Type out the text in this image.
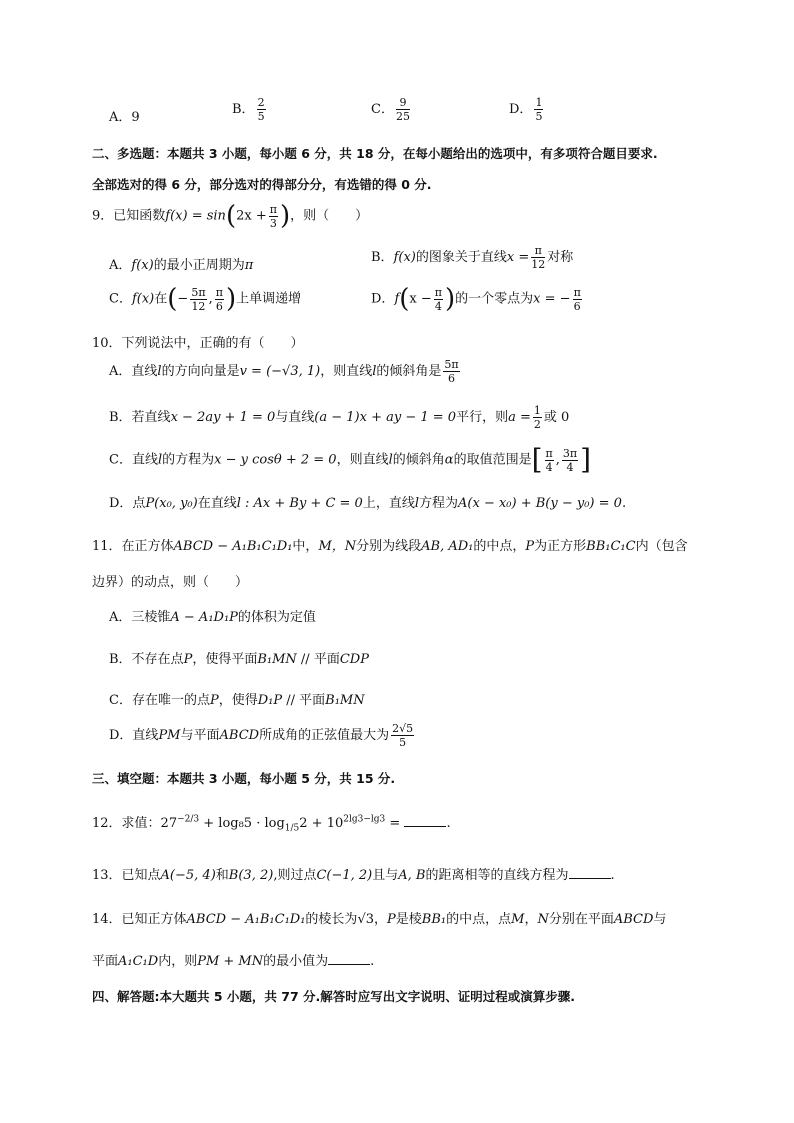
A．9
B． $\frac{2}{5}$	C． $\frac{9}{25}$	D． $\frac{1}{5}$
二、多选题：本题共 3 小题，每小题 6 分，共 18 分，在每小题给出的选项中，有多项符合题目要求.
全部选对的得 6 分，部分选对的得部分分，有选错的得 0 分.
9．已知函数$f(x) = \sin(2x + \frac{\pi}{3}$ )，则（　　）
A．f(x)的最小正周期为π
B．f(x)的图象关于直线$x = \frac{\pi}{12}$ 对称
C．f(x)在(− $\frac{5\pi}{12}$ , $\frac{\pi}{6}$ )上单调递增	D．$f(x - \frac{\pi}{4}$ )的一个零点为x = − $\frac{\pi}{6}$
10．下列说法中，正确的有（　　）
A．直线l的方向向量是v = (−√3, 1)，则直线l的倾斜角是 $\frac{5\pi}{6}$
B．若直线x − 2ay + 1 = 0与直线(a − 1)x + ay − 1 = 0平行，则$a = \frac{1}{2}$ 或 0
C．直线l的方程为x − y cosθ + 2 = 0，则直线l的倾斜角α的取值范围是[ $\frac{\pi}{4}$ , $\frac{3\pi}{4}$ ]
D．点P(x₀, y₀)在直线l : Ax + By + C = 0上，直线l方程为A(x − x₀) + B(y − y₀) = 0.
11．在正方体ABCD − A₁B₁C₁D₁中，M，N分别为线段AB, AD₁的中点，P为正方形BB₁C₁C内（包含
边界）的动点，则（　　）
A．三棱锥A − A₁D₁P的体积为定值
B．不存在点P，使得平面B₁MN // 平面CDP
C．存在唯一的点P，使得D₁P // 平面B₁MN
D．直线PM与平面ABCD所成角的正弦值最大为 $\frac{2√5}{5}$
三、填空题：本题共 3 小题，每小题 5 分，共 15 分.
12．求值：$27^{-2/3} + \log_85 \cdot \log_{1/5}2 + 10^{2lg3-lg3}$ =	.
13．已知点A(−5, 4)和B(3, 2),则过点C(−1, 2)且与A, B的距离相等的直线方程为	.
14．已知正方体ABCD − A₁B₁C₁D₁的棱长为√3，P是棱BB₁的中点，点M，N分别在平面ABCD与
平面A₁C₁D内，则PM + MN的最小值为	.
四、解答题:本大题共 5 小题，共 77 分.解答时应写出文字说明、证明过程或演算步骤.
